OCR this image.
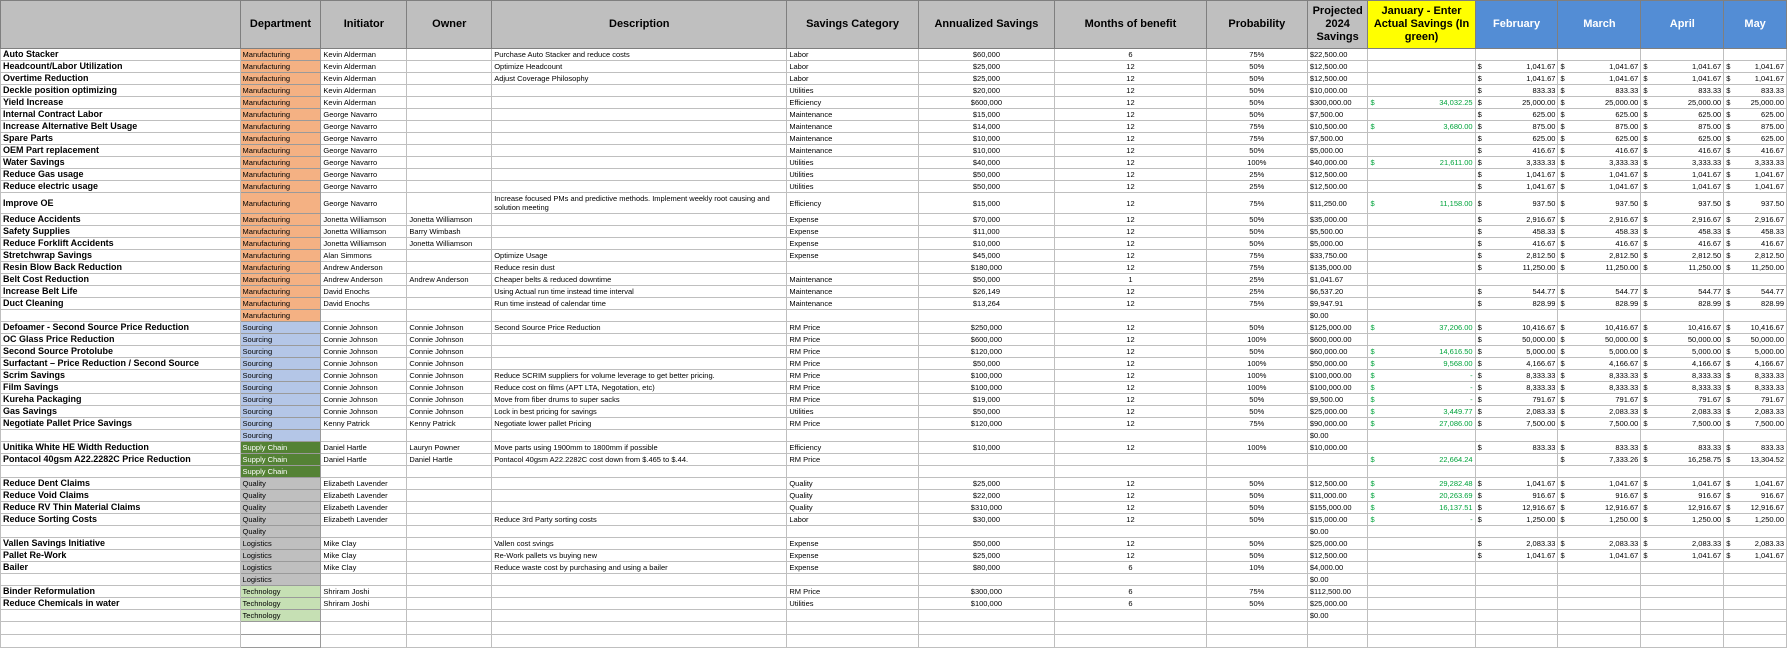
	Department	Initiator	Owner	Description	Savings Category	Annualized Savings	Months of benefit	Probability	Projected 2024 Savings	January - Enter Actual Savings (In green)	February	March	April	May
Auto Stacker	Manufacturing	Kevin Alderman		Purchase Auto Stacker and reduce costs	Labor	$60,000	6	75%	$22,500.00					
Headcount/Labor Utilization	Manufacturing	Kevin Alderman		Optimize Headcount	Labor	$25,000	12	50%	$12,500.00		$ 1,041.67	$ 1,041.67	$ 1,041.67	$ 1,041.67

Overtime Reduction	Manufacturing	Kevin Alderman		Adjust Coverage Philosophy	Labor	$25,000	12	50%	$12,500.00		$ 1,041.67	$ 1,041.67	$ 1,041.67	$ 1,041.67

Deckle position optimizing	Manufacturing	Kevin Alderman			Utilities	$20,000	12	50%	$10,000.00		$ 833.33	$ 833.33	$ 833.33	$ 833.33

Yield Increase	Manufacturing	Kevin Alderman			Efficiency	$600,000	12	50%	$300,000.00	$ 34,032.25	$ 25,000.00	$ 25,000.00	$ 25,000.00	$ 25,000.00

Internal Contract Labor	Manufacturing	George Navarro			Maintenance	$15,000	12	50%	$7,500.00		$ 625.00	$ 625.00	$ 625.00	$ 625.00

Increase Alternative Belt Usage	Manufacturing	George Navarro			Maintenance	$14,000	12	75%	$10,500.00	$ 3,680.00	$ 875.00	$ 875.00	$ 875.00	$ 875.00

Spare Parts	Manufacturing	George Navarro			Maintenance	$10,000	12	75%	$7,500.00		$ 625.00	$ 625.00	$ 625.00	$ 625.00

OEM Part replacement	Manufacturing	George Navarro			Maintenance	$10,000	12	50%	$5,000.00		$ 416.67	$ 416.67	$ 416.67	$ 416.67

Water Savings	Manufacturing	George Navarro			Utilities	$40,000	12	100%	$40,000.00	$ 21,611.00	$ 3,333.33	$ 3,333.33	$ 3,333.33	$ 3,333.33

Reduce Gas usage	Manufacturing	George Navarro			Utilities	$50,000	12	25%	$12,500.00		$ 1,041.67	$ 1,041.67	$ 1,041.67	$ 1,041.67

Reduce electric usage	Manufacturing	George Navarro			Utilities	$50,000	12	25%	$12,500.00		$ 1,041.67	$ 1,041.67	$ 1,041.67	$ 1,041.67

Improve OE	Manufacturing	George Navarro		Increase focused PMs and predictive methods. Implement weekly root causing and solution meeting	Efficiency	$15,000	12	75%	$11,250.00	$ 11,158.00	$ 937.50	$ 937.50	$ 937.50	$ 937.50

Reduce Accidents	Manufacturing	Jonetta Williamson	Jonetta Williamson		Expense	$70,000	12	50%	$35,000.00		$ 2,916.67	$ 2,916.67	$ 2,916.67	$ 2,916.67

Safety Supplies	Manufacturing	Jonetta Williamson	Barry Wimbash		Expense	$11,000	12	50%	$5,500.00		$ 458.33	$ 458.33	$ 458.33	$ 458.33

Reduce Forklift Accidents	Manufacturing	Jonetta Williamson	Jonetta Williamson		Expense	$10,000	12	50%	$5,000.00		$ 416.67	$ 416.67	$ 416.67	$ 416.67

Stretchwrap Savings	Manufacturing	Alan Simmons		Optimize Usage	Expense	$45,000	12	75%	$33,750.00		$ 2,812.50	$ 2,812.50	$ 2,812.50	$ 2,812.50

Resin Blow Back Reduction	Manufacturing	Andrew Anderson		Reduce resin dust		$180,000	12	75%	$135,000.00		$ 11,250.00	$ 11,250.00	$ 11,250.00	$ 11,250.00

Belt Cost Reduction	Manufacturing	Andrew Anderson	Andrew Anderson	Cheaper belts & reduced downtime	Maintenance	$50,000	1	25%	$1,041.67					
Increase Belt Life	Manufacturing	David Enochs		Using Actual run time instead time interval	Maintenance	$26,149	12	25%	$6,537.20		$ 544.77	$ 544.77	$ 544.77	$ 544.77

Duct Cleaning	Manufacturing	David Enochs		Run time instead of calendar time	Maintenance	$13,264	12	75%	$9,947.91		$ 828.99	$ 828.99	$ 828.99	$ 828.99

	Manufacturing								$0.00					
Defoamer - Second Source Price Reduction	Sourcing	Connie Johnson	Connie Johnson	Second Source Price Reduction	RM Price	$250,000	12	50%	$125,000.00	$ 37,206.00	$ 10,416.67	$ 10,416.67	$ 10,416.67	$ 10,416.67

OC Glass Price Reduction	Sourcing	Connie Johnson	Connie Johnson		RM Price	$600,000	12	100%	$600,000.00		$ 50,000.00	$ 50,000.00	$ 50,000.00	$ 50,000.00

Second Source Protolube	Sourcing	Connie Johnson	Connie Johnson		RM Price	$120,000	12	50%	$60,000.00	$ 14,616.50	$ 5,000.00	$ 5,000.00	$ 5,000.00	$ 5,000.00

Surfactant – Price Reduction / Second Source	Sourcing	Connie Johnson	Connie Johnson		RM Price	$50,000	12	100%	$50,000.00	$ 9,568.00	$ 4,166.67	$ 4,166.67	$ 4,166.67	$ 4,166.67

Scrim Savings	Sourcing	Connie Johnson	Connie Johnson	Reduce SCRIM suppliers for volume leverage to get better pricing.	RM Price	$100,000	12	100%	$100,000.00	$ -	$ 8,333.33	$ 8,333.33	$ 8,333.33	$ 8,333.33

Film Savings	Sourcing	Connie Johnson	Connie Johnson	Reduce cost on films (APT LTA, Negotation, etc)	RM Price	$100,000	12	100%	$100,000.00	$ -	$ 8,333.33	$ 8,333.33	$ 8,333.33	$ 8,333.33

Kureha Packaging	Sourcing	Connie Johnson	Connie Johnson	Move from fiber drums to super sacks	RM Price	$19,000	12	50%	$9,500.00	$ -	$ 791.67	$ 791.67	$ 791.67	$ 791.67

Gas Savings	Sourcing	Connie Johnson	Connie Johnson	Lock in best pricing for savings	Utilities	$50,000	12	50%	$25,000.00	$ 3,449.77	$ 2,083.33	$ 2,083.33	$ 2,083.33	$ 2,083.33

Negotiate Pallet Price Savings	Sourcing	Kenny Patrick	Kenny Patrick	Negotiate lower pallet Pricing	RM Price	$120,000	12	75%	$90,000.00	$ 27,086.00	$ 7,500.00	$ 7,500.00	$ 7,500.00	$ 7,500.00

	Sourcing								$0.00					
Unitika White HE Width Reduction	Supply Chain	Daniel Hartle	Lauryn Powner	Move parts using 1900mm to 1800mm if possible	Efficiency	$10,000	12	100%	$10,000.00		$ 833.33	$ 833.33	$ 833.33	$ 833.33

Pontacol 40gsm A22.2282C Price Reduction	Supply Chain	Daniel Hartle	Daniel Hartle	Pontacol 40gsm A22.2282C cost down from $.465 to $.44.	RM Price					$ 22,664.24		$ 7,333.26	$ 16,258.75	$ 13,304.52

	Supply Chain													
Reduce Dent Claims	Quality	Elizabeth Lavender			Quality	$25,000	12	50%	$12,500.00	$ 29,282.48	$ 1,041.67	$ 1,041.67	$ 1,041.67	$ 1,041.67

Reduce Void Claims	Quality	Elizabeth Lavender			Quality	$22,000	12	50%	$11,000.00	$ 20,263.69	$ 916.67	$ 916.67	$ 916.67	$ 916.67

Reduce RV Thin Material Claims	Quality	Elizabeth Lavender			Quality	$310,000	12	50%	$155,000.00	$ 16,137.51	$ 12,916.67	$ 12,916.67	$ 12,916.67	$ 12,916.67

Reduce Sorting Costs	Quality	Elizabeth Lavender		Reduce 3rd Party sorting costs	Labor	$30,000	12	50%	$15,000.00	$ -	$ 1,250.00	$ 1,250.00	$ 1,250.00	$ 1,250.00

	Quality								$0.00					
Vallen Savings Initiative	Logistics	Mike Clay		Vallen cost svings	Expense	$50,000	12	50%	$25,000.00		$ 2,083.33	$ 2,083.33	$ 2,083.33	$ 2,083.33

Pallet Re-Work	Logistics	Mike Clay		Re-Work pallets vs buying new	Expense	$25,000	12	50%	$12,500.00		$ 1,041.67	$ 1,041.67	$ 1,041.67	$ 1,041.67

Bailer	Logistics	Mike Clay		Reduce waste cost by purchasing and using a bailer	Expense	$80,000	6	10%	$4,000.00					
	Logistics								$0.00					
Binder Reformulation	Technology	Shriram Joshi			RM Price	$300,000	6	75%	$112,500.00					
Reduce Chemicals in water	Technology	Shriram Joshi			Utilities	$100,000	6	50%	$25,000.00					
	Technology								$0.00					
